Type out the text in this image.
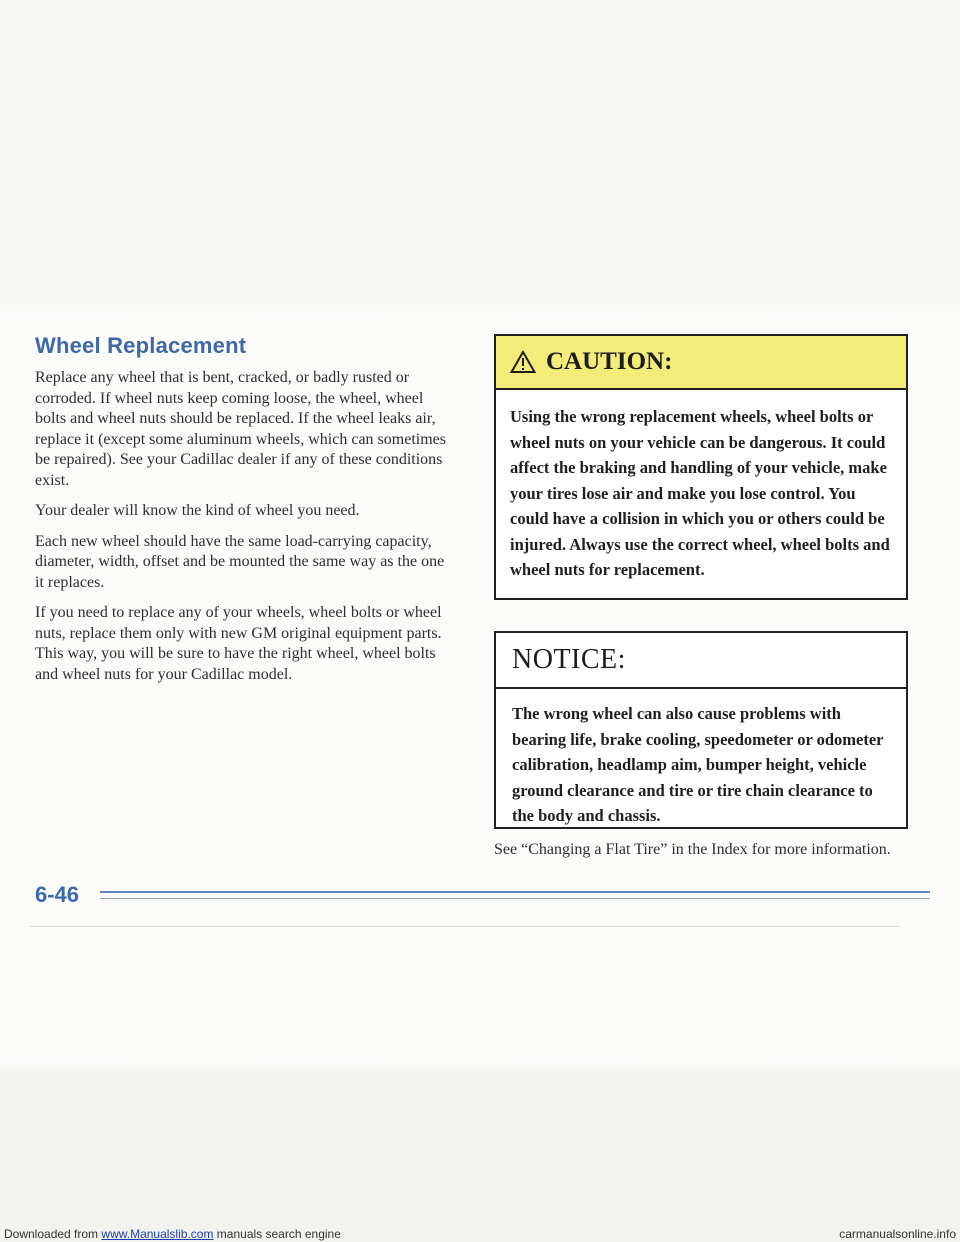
Wheel Replacement

Replace any wheel that is bent, cracked, or badly rusted or corroded. If wheel nuts keep coming loose, the wheel, wheel bolts and wheel nuts should be replaced. If the wheel leaks air, replace it (except some aluminum wheels, which can sometimes be repaired). See your Cadillac dealer if any of these conditions exist.

Your dealer will know the kind of wheel you need.

Each new wheel should have the same load-carrying capacity, diameter, width, offset and be mounted the same way as the one it replaces.

If you need to replace any of your wheels, wheel bolts or wheel nuts, replace them only with new GM original equipment parts. This way, you will be sure to have the right wheel, wheel bolts and wheel nuts for your Cadillac model.

CAUTION:
Using the wrong replacement wheels, wheel bolts or wheel nuts on your vehicle can be dangerous. It could affect the braking and handling of your vehicle, make your tires lose air and make you lose control. You could have a collision in which you or others could be injured. Always use the correct wheel, wheel bolts and wheel nuts for replacement.
NOTICE:
The wrong wheel can also cause problems with bearing life, brake cooling, speedometer or odometer calibration, headlamp aim, bumper height, vehicle ground clearance and tire or tire chain clearance to the body and chassis.

See “Changing a Flat Tire” in the Index for more information.

6-46
Downloaded from www.Manualslib.com manuals search engine	carmanualsonline.info
